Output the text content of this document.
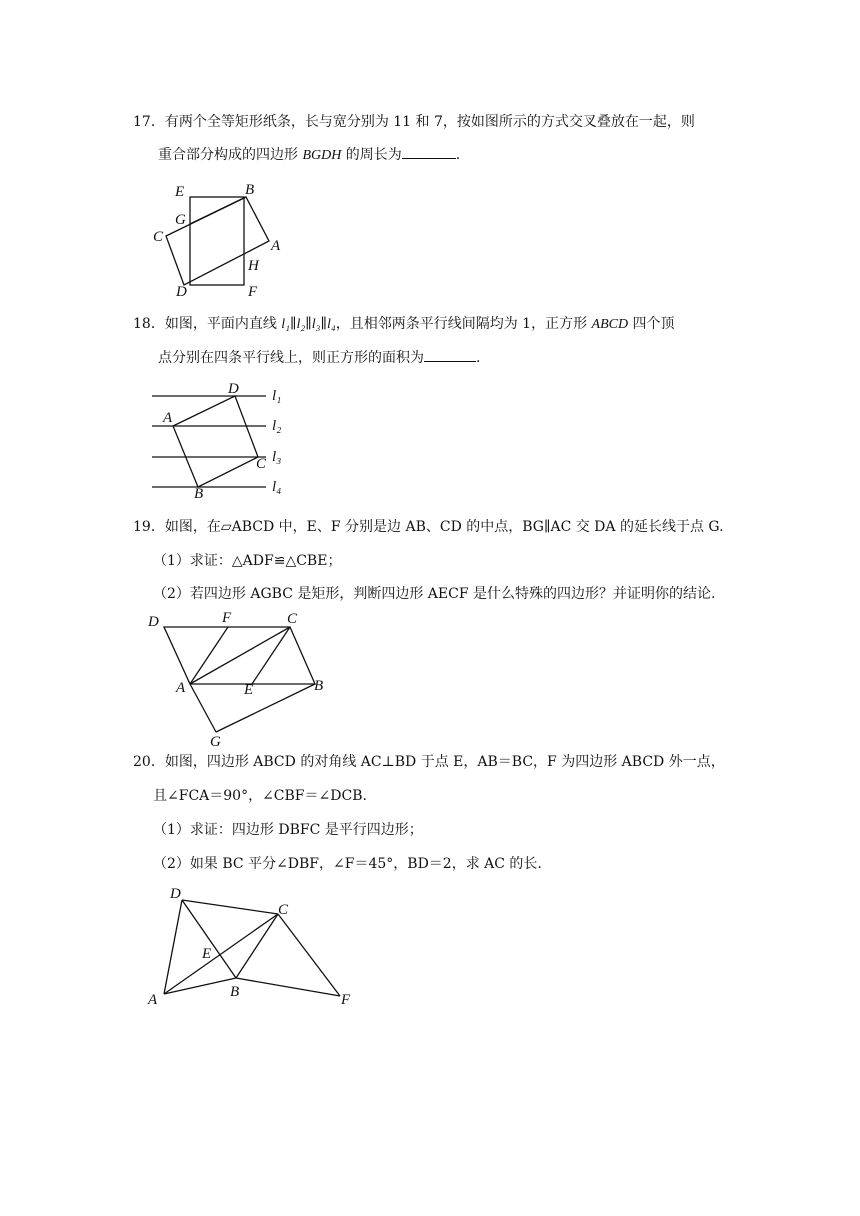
17．有两个全等矩形纸条，长与宽分别为 11 和 7，按如图所示的方式交叉叠放在一起，则
重合部分构成的四边形 BGDH 的周长为	.
E	B
G
C
A
H
D	F
18．如图，平面内直线 l₁∥l₂∥l₃∥l₄，且相邻两条平行线间隔均为 1，正方形 ABCD 四个顶
点分别在四条平行线上，则正方形的面积为	.
D
A
C
B
l₁
l₂
l₃
l₄
19．如图，在▱ABCD 中，E、F 分别是边 AB、CD 的中点，BG∥AC 交 DA 的延长线于点 G.
（1）求证：△ADF≌△CBE；
（2）若四边形 AGBC 是矩形，判断四边形 AECF 是什么特殊的四边形？并证明你的结论.
D	F	C
A	E	B
G
20．如图，四边形 ABCD 的对角线 AC⊥BD 于点 E，AB＝BC，F 为四边形 ABCD 外一点，
且∠FCA＝90°，∠CBF＝∠DCB.
（1）求证：四边形 DBFC 是平行四边形；
（2）如果 BC 平分∠DBF，∠F＝45°，BD＝2，求 AC 的长.
D
C
E
A	B	F
